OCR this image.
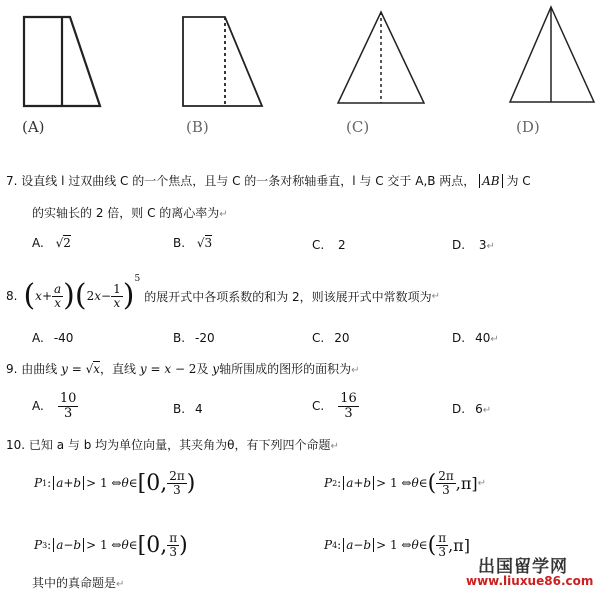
(A)	(B)	(C)	(D)
7. 设直线 l 过双曲线 C 的一个焦点，且与 C 的一条对称轴垂直，l 与 C 交于 A,B 两点， AB 为 C
的实轴长的 2 倍，则 C 的离心率为↵
A. √2	B. √3	C. 2	D. 3↵
8. ( $x + \frac{a}{x}$ ) ( 2 $x - \frac{1}{x}$ ) 5
的展开式中各项系数的和为 2，则该展开式中常数项为 ↵
A. -40	B. -20	C. 20	D. 40↵
9. 由曲线 y = √x，直线 y = x − 2及 y轴所围成的图形的面积为↵
A. $\frac{10}{3}$	B. 4	C. $\frac{16}{3}$	D. 6↵
10. 已知 a 与 b 均为单位向量，其夹角为θ，有下列四个命题↵
P 1 : a+b > 1 ⇔ θ ∈ [0, $\frac{2\pi}{3}$ )	P 2 : a+b > 1 ⇔ θ ∈ ( $\frac{2\pi}{3} ,\pi$] ↵
P 3 : a−b > 1 ⇔ θ ∈ [0, $\frac{\pi}{3}$ )	P 4 : a−b > 1 ⇔ θ ∈ ( $\frac{\pi}{3} ,\pi$]
其中的真命题是↵
出国留学网
www.liuxue86.com
